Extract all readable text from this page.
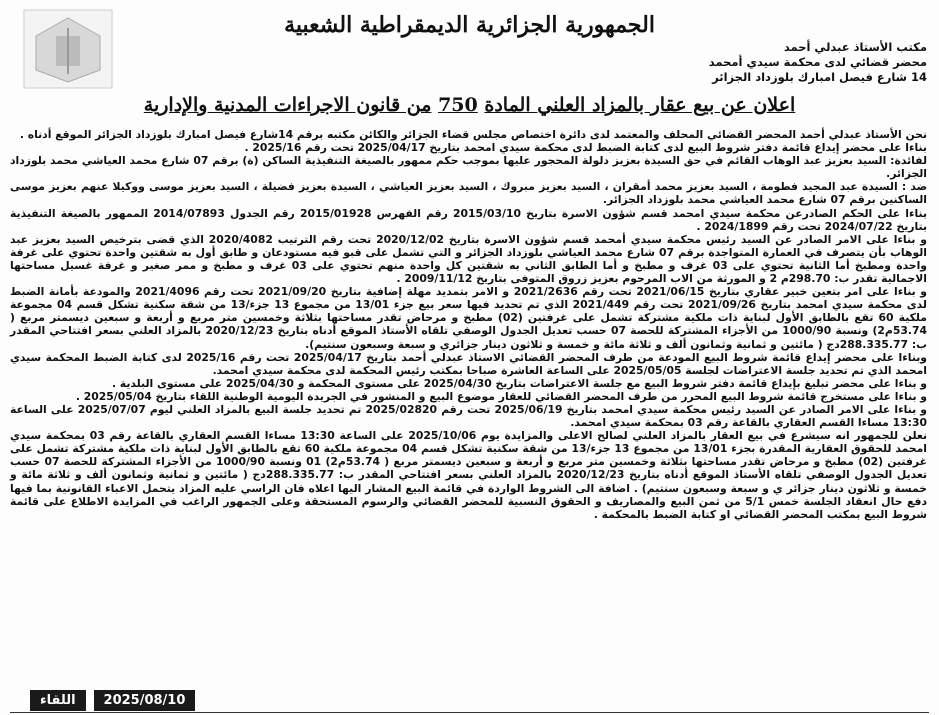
الجمهورية الجزائرية الديمقراطية الشعبية
مكتب الأستاذ عبدلي أحمد
محضر قضائي لدى محكمة سيدي أمحمد
14 شارع فيصل امبارك بلوزداد الجزائر
اعلان عن بيع عقار بالمزاد العلني المادة 750 من قانون الاجراءات المدنية والإدارية

نحن الأستاذ عبدلي أحمد المحضر القضائي المحلف والمعتمد لدى دائرة اختصاص مجلس قضاء الجزائر والكائن مكتبه برقم 14شارع فيصل امبارك بلوزداد الجزائر الموقع أدناه .

بناءا على محضر إيداع قائمة دفتر شروط البيع لدى كتابة الضبط لدى محكمة سيدي امحمد بتاريخ 2025/04/17 تحت رقم 2025/16 .

لفائدة: السيد بعزيز عبد الوهاب القائم في حق السيدة بعزيز دلولة المحجور عليها بموجب حكم ممهور بالصيغة التنفيذية الساكن (ة) برقم 07 شارع محمد العياشي محمد بلوزداد الجزائر.

ضد : السيدة عبد المجيد فطومة ، السيد بعزيز محمد أمقران ، السيد بعزيز مبروك ، السيد بعزيز العياشي ، السيدة بعزيز فضيلة ، السيد بعزيز موسى ووكيلا عنهم بعزيز موسى الساكنين برقم 07 شارع محمد العياشي محمد بلوزداد الجزائر.

بناءا على الحكم الصادرعن محكمة سيدي امحمد قسم شؤون الاسرة بتاريخ 2015/03/10 رقم الفهرس 2015/01928 رقم الجدول 2014/07893 الممهور بالصيغة التنفيذية بتاريخ 2024/07/22 تحت رقم 2024/1899 .

و بناءا على الامر الصادر عن السيد رئيس محكمة سيدي أمحمد قسم شؤون الاسرة بتاريخ 2020/12/02 تحت رقم الترتيب 2020/4082 الذي قضى بترخيص السيد بعزيز عبد الوهاب بأن يتصرف في العمارة المتواجدة برقم 07 شارع محمد العياشي بلوزداد الجزائر و التي تشمل على قبو فيه مستودعان و طابق أول به شقتين واحدة تحتوي على غرفة واحدة ومطبخ أما الثانية تحتوي على 03 غرف و مطبخ و أما الطابق الثاني به شقتين كل واحدة منهم تحتوي على 03 غرف و مطبخ و ممر صغير و غرفة غسيل مساحتها الاجمالية تقدر ب: 298.70م 2 و المورثة من الاب المرحوم بعزيز زروق المتوفى بتاريخ 2009/11/12 .

و بناءا على امر بتعين خبير عقاري بتاريخ 2021/06/15 تحت رقم 2021/2636 و الامر بتمديد مهلة إضافية بتاريخ 2021/09/20 تحت رقم 2021/4096 والمودعة بأمانة الضبط لدى محكمة سيدي امحمد بتاريخ 2021/09/26 تحت رقم 2021/449 الذي تم تحديد فيها سعر بيع جزء 13/01 من مجموع 13 جزء/13 من شقة سكنية تشكل قسم 04 مجموعة ملكية 60 تقع بالطابق الأول لبناية ذات ملكية مشتركة تشمل على غرفتين (02) مطبخ و مرحاض تقدر مساحتها بثلاثة وخمسين متر مربع و أربعة و سبعين ديسمتر مربع ( 53.74م2) ونسبة 1000/90 من الأجزاء المشتركة للحصة 07 حسب تعديل الجدول الوصفي تلقاه الأستاذ الموقع أدناه بتاريخ 2020/12/23 بالمزاد العلني بسعر افتتاحي المقدر ب: 288.335.77دج ( مائتين و ثمانية وثمانون ألف و ثلاثة مائة و خمسة و ثلاثون دينار جزائري و سبعة وسبعون سنتيم).

وبناءا على محضر إيداع قائمة شروط البيع المودعة من طرف المحضر القضائي الاستاذ عبدلي أحمد بتاريخ 2025/04/17 تحت رقم 2025/16 لدى كتابة الضبط المحكمة سيدي امحمد الذي تم تحديد جلسة الاعتراضات لجلسة 2025/05/05 على الساعة العاشرة صباحا بمكتب رئيس المحكمة لدى محكمة سيدي امحمد.

و بناءا على محضر تبليغ بإيداع قائمة دفتر شروط البيع مع جلسة الاعتراضات بتاريخ 2025/04/30 على مستوى المحكمة و 2025/04/30 على مستوى البلدية .

و بناءا على مستخرج قائمة شروط البيع المحرر من طرف المحضر القضائي للعقار موضوع البيع و المنشور في الجريدة اليومية الوطنية اللقاء بتاريخ 2025/05/04 .

و بناءا على الامر الصادر عن السيد رئيس محكمة سيدي امحمد بتاريخ 2025/06/19 تحت رقم 2025/02820 تم تحديد جلسة البيع بالمزاد العلني ليوم 2025/07/07 على الساعة 13:30 مساءا القسم العقاري بالقاعة رقم 03 بمحكمة سيدي امحمد.

نعلن للجمهور انه سيشرع في بيع العقار بالمزاد العلني لصالح الاعلى والمزايدة يوم 2025/10/06 على الساعة 13:30 مساءا القسم العقاري بالقاعة رقم 03 بمحكمة سيدي امحمد للحقوق العقارية المقدرة بجزء 13/01 من مجموع 13 جزء/13 من شقة سكنية تشكل قسم 04 مجموعة ملكية 60 تقع بالطابق الأول لبناية ذات ملكية مشتركة تشمل على غرفتين (02) مطبخ و مرحاض تقدر مساحتها بثلاثة وخمسين متر مربع و أربعة و سبعين ديسمتر مربع ( 53.74م2) 01 ونسبة 1000/90 من الأجزاء المشتركة للحصة 07 حسب تعديل الجدول الوصفي تلقاه الأستاذ الموقع أدناه بتاريخ 2020/12/23 بالمزاد العلني بسعر افتتاحي المقدر ب: 288.335.77دج ( مائتين و ثمانية وثمانون ألف و ثلاثة مائة و خمسة و ثلاثون دينار جزائر ي و سبعة وسبعون سنتيم) . اضافة الى الشروط الواردة في قائمة البيع المشار اليها اعلاه فان الراسي عليه المزاد يتحمل الاعباء القانونية بما فيها دفع حال انعقاد الجلسة خمس 5/1 من ثمن البيع والمصاريف و الحقوق النسبية للمحضر القضائي والرسوم المستحقة وعلى الجمهور الراغب في المزايدة الاطلاع على قائمة شروط البيع بمكتب المحضر القضائي او كتابة الضبط بالمحكمة .

اللقاء	2025/08/10
